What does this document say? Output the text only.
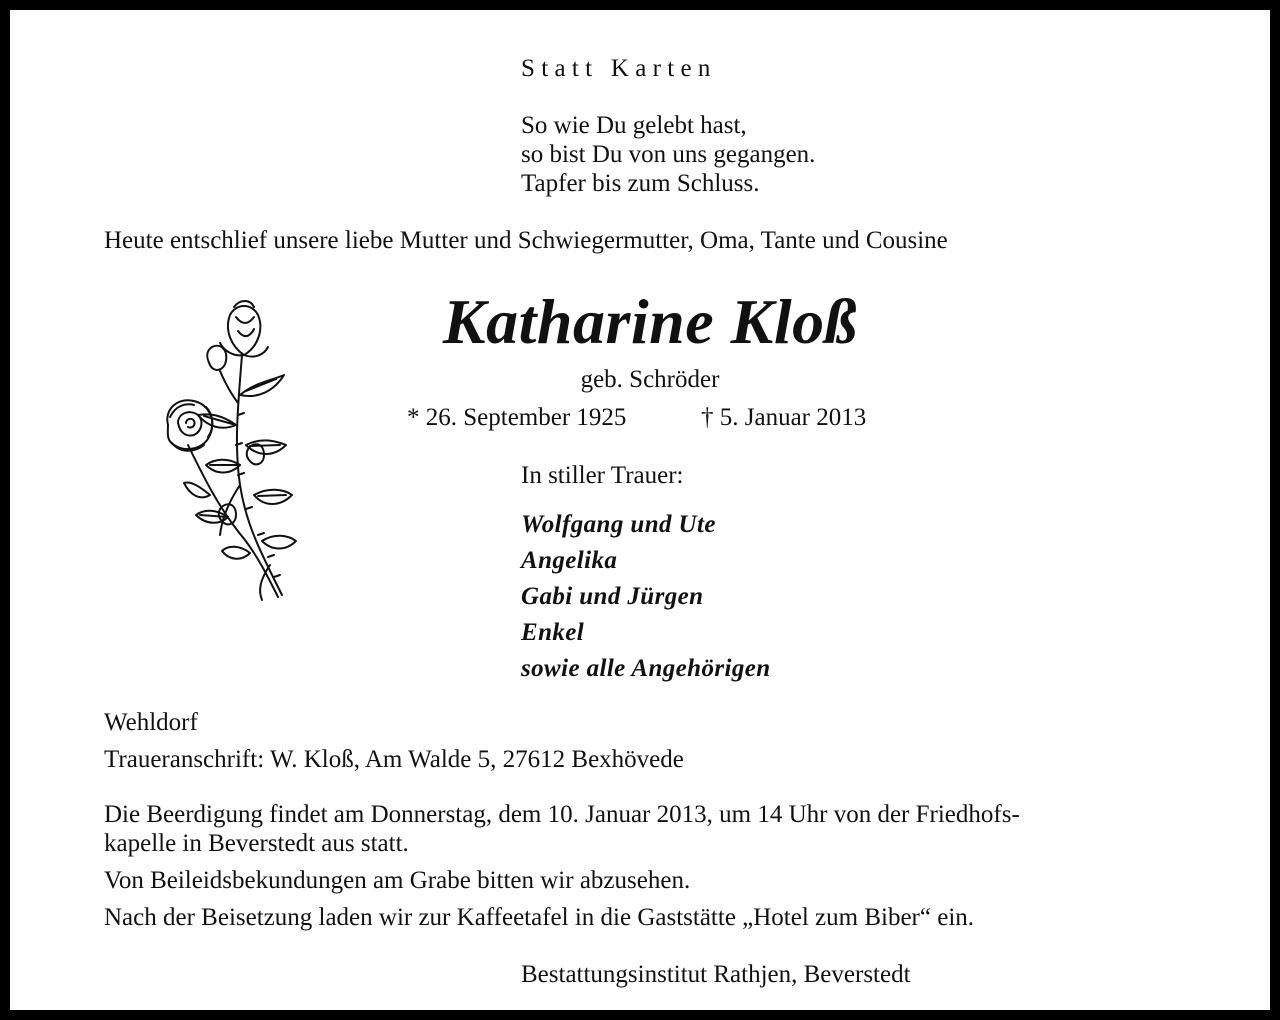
Statt Karten

So wie Du gelebt hast,
so bist Du von uns gegangen.
Tapfer bis zum Schluss.

Heute entschlief unsere liebe Mutter und Schwiegermutter, Oma, Tante und Cousine

Katharine Kloß

geb. Schröder

* 26. September 1925	† 5. Januar 2013

In stiller Trauer:

Wolfgang und Ute
Angelika
Gabi und Jürgen
Enkel
sowie alle Angehörigen

Wehldorf

Traueranschrift: W. Kloß, Am Walde 5, 27612 Bexhövede

Die Beerdigung findet am Donnerstag, dem 10. Januar 2013, um 14 Uhr von der Friedhofs-
kapelle in Beverstedt aus statt.

Von Beileidsbekundungen am Grabe bitten wir abzusehen.

Nach der Beisetzung laden wir zur Kaffeetafel in die Gaststätte „Hotel zum Biber“ ein.

Bestattungsinstitut Rathjen, Beverstedt
